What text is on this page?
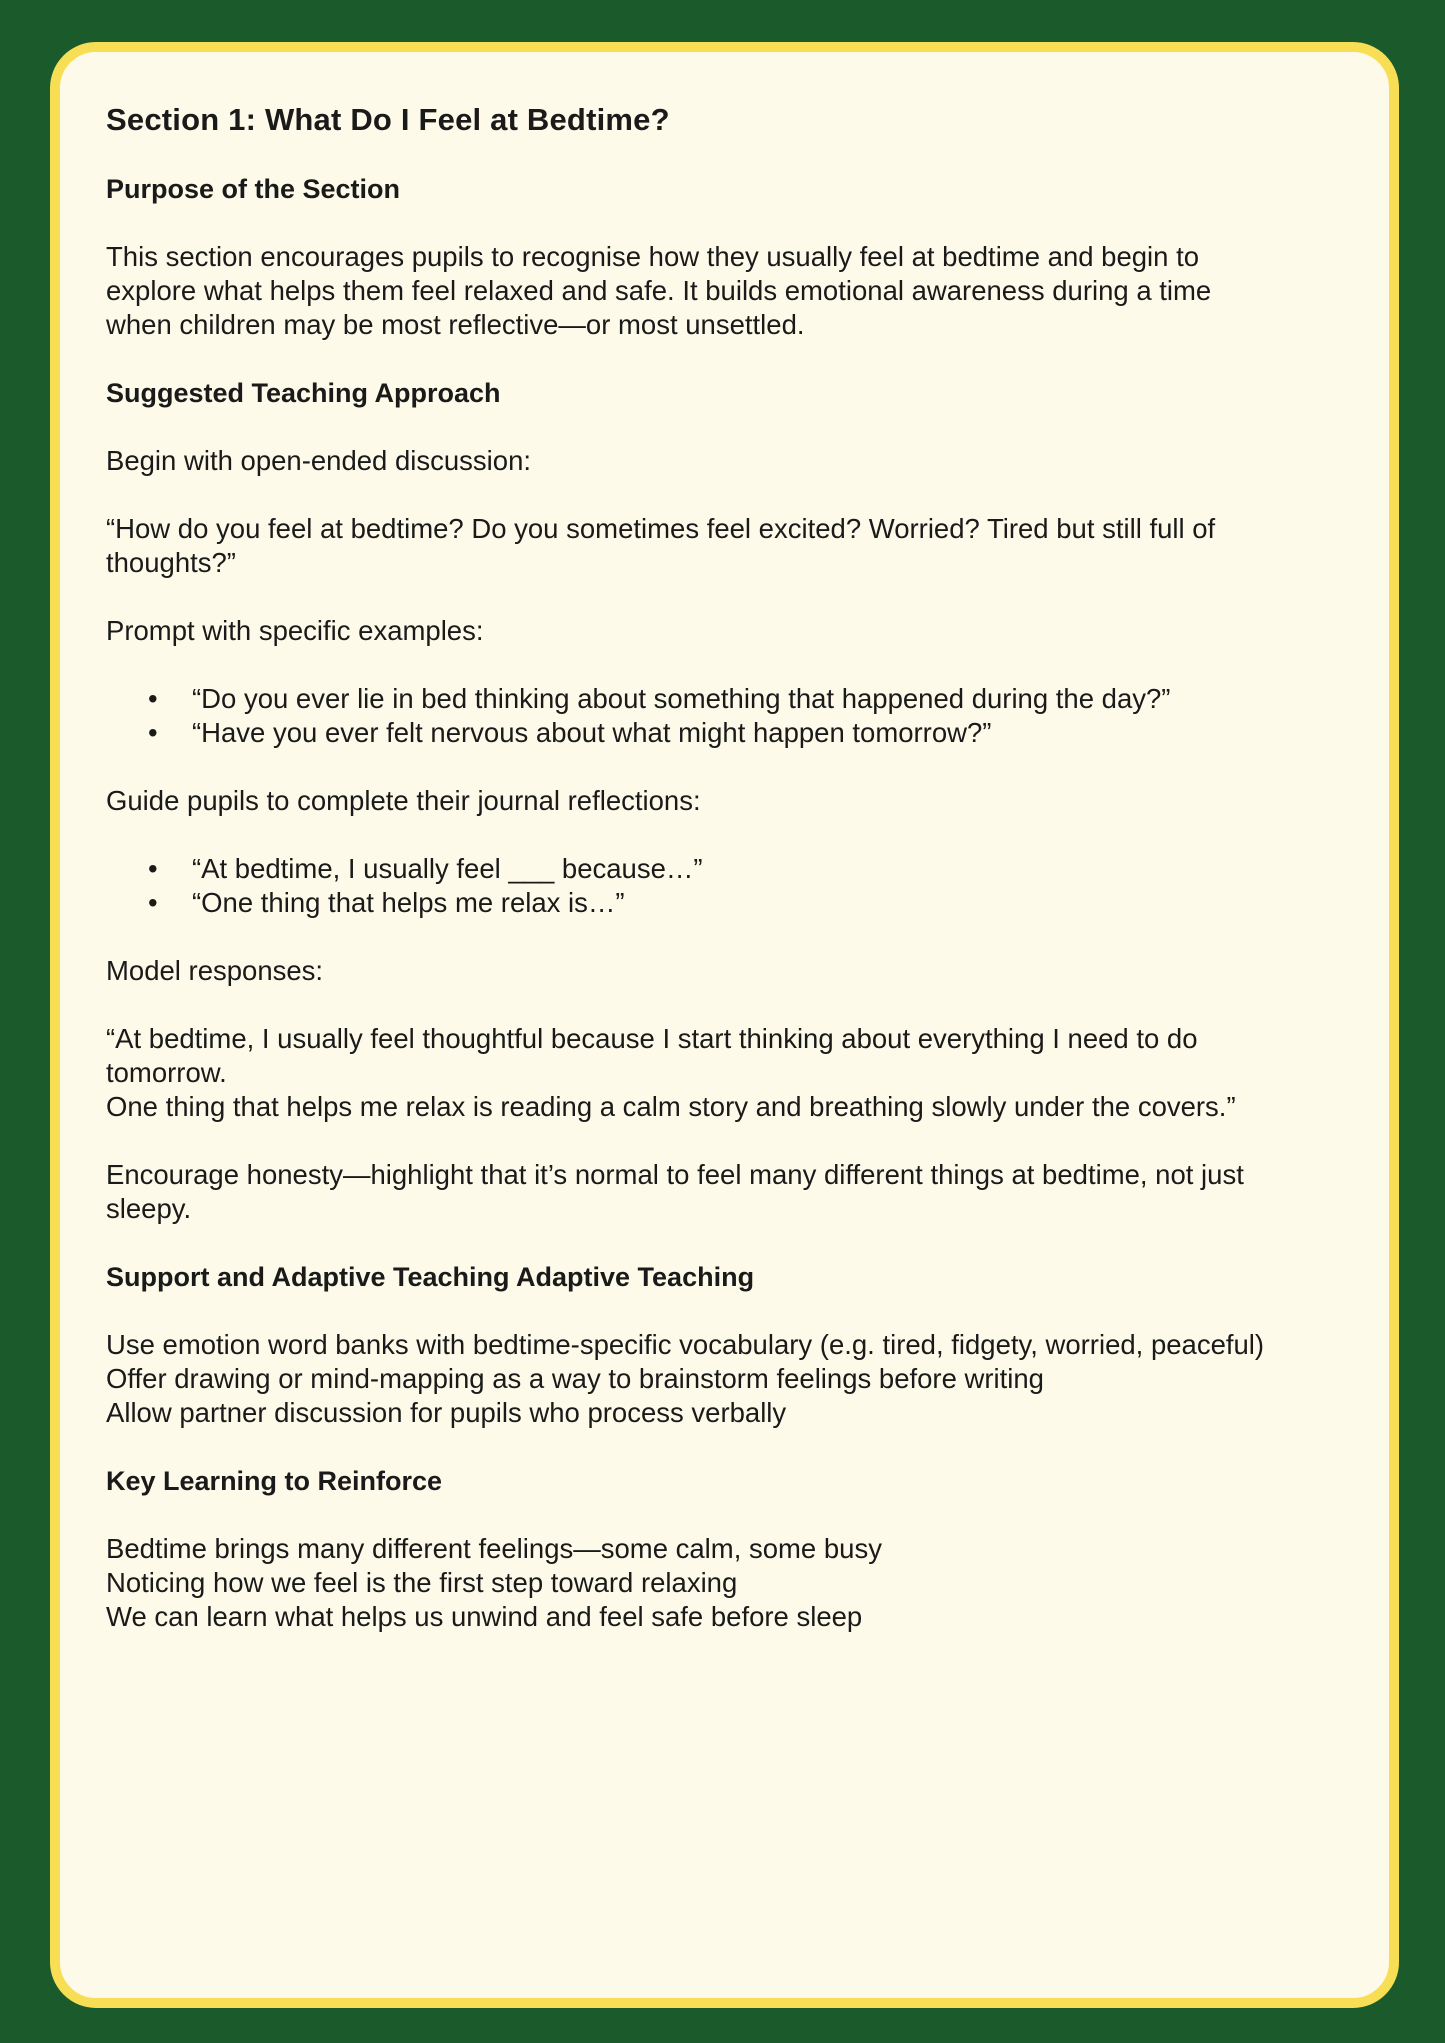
Section 1: What Do I Feel at Bedtime?
Purpose of the Section

This section encourages pupils to recognise how they usually feel at bedtime and begin to
explore what helps them feel relaxed and safe. It builds emotional awareness during a time
when children may be most reflective—or most unsettled.

Suggested Teaching Approach

Begin with open-ended discussion:

“How do you feel at bedtime? Do you sometimes feel excited? Worried? Tired but still full of
thoughts?”

Prompt with specific examples:

• “Do you ever lie in bed thinking about something that happened during the day?”
• “Have you ever felt nervous about what might happen tomorrow?”

Guide pupils to complete their journal reflections:

• “At bedtime, I usually feel ___ because…”
• “One thing that helps me relax is…”

Model responses:

“At bedtime, I usually feel thoughtful because I start thinking about everything I need to do
tomorrow.
One thing that helps me relax is reading a calm story and breathing slowly under the covers.”

Encourage honesty—highlight that it’s normal to feel many different things at bedtime, not just
sleepy.

Support and Adaptive Teaching Adaptive Teaching

Use emotion word banks with bedtime-specific vocabulary (e.g. tired, fidgety, worried, peaceful)
Offer drawing or mind-mapping as a way to brainstorm feelings before writing
Allow partner discussion for pupils who process verbally

Key Learning to Reinforce

Bedtime brings many different feelings—some calm, some busy
Noticing how we feel is the first step toward relaxing
We can learn what helps us unwind and feel safe before sleep
